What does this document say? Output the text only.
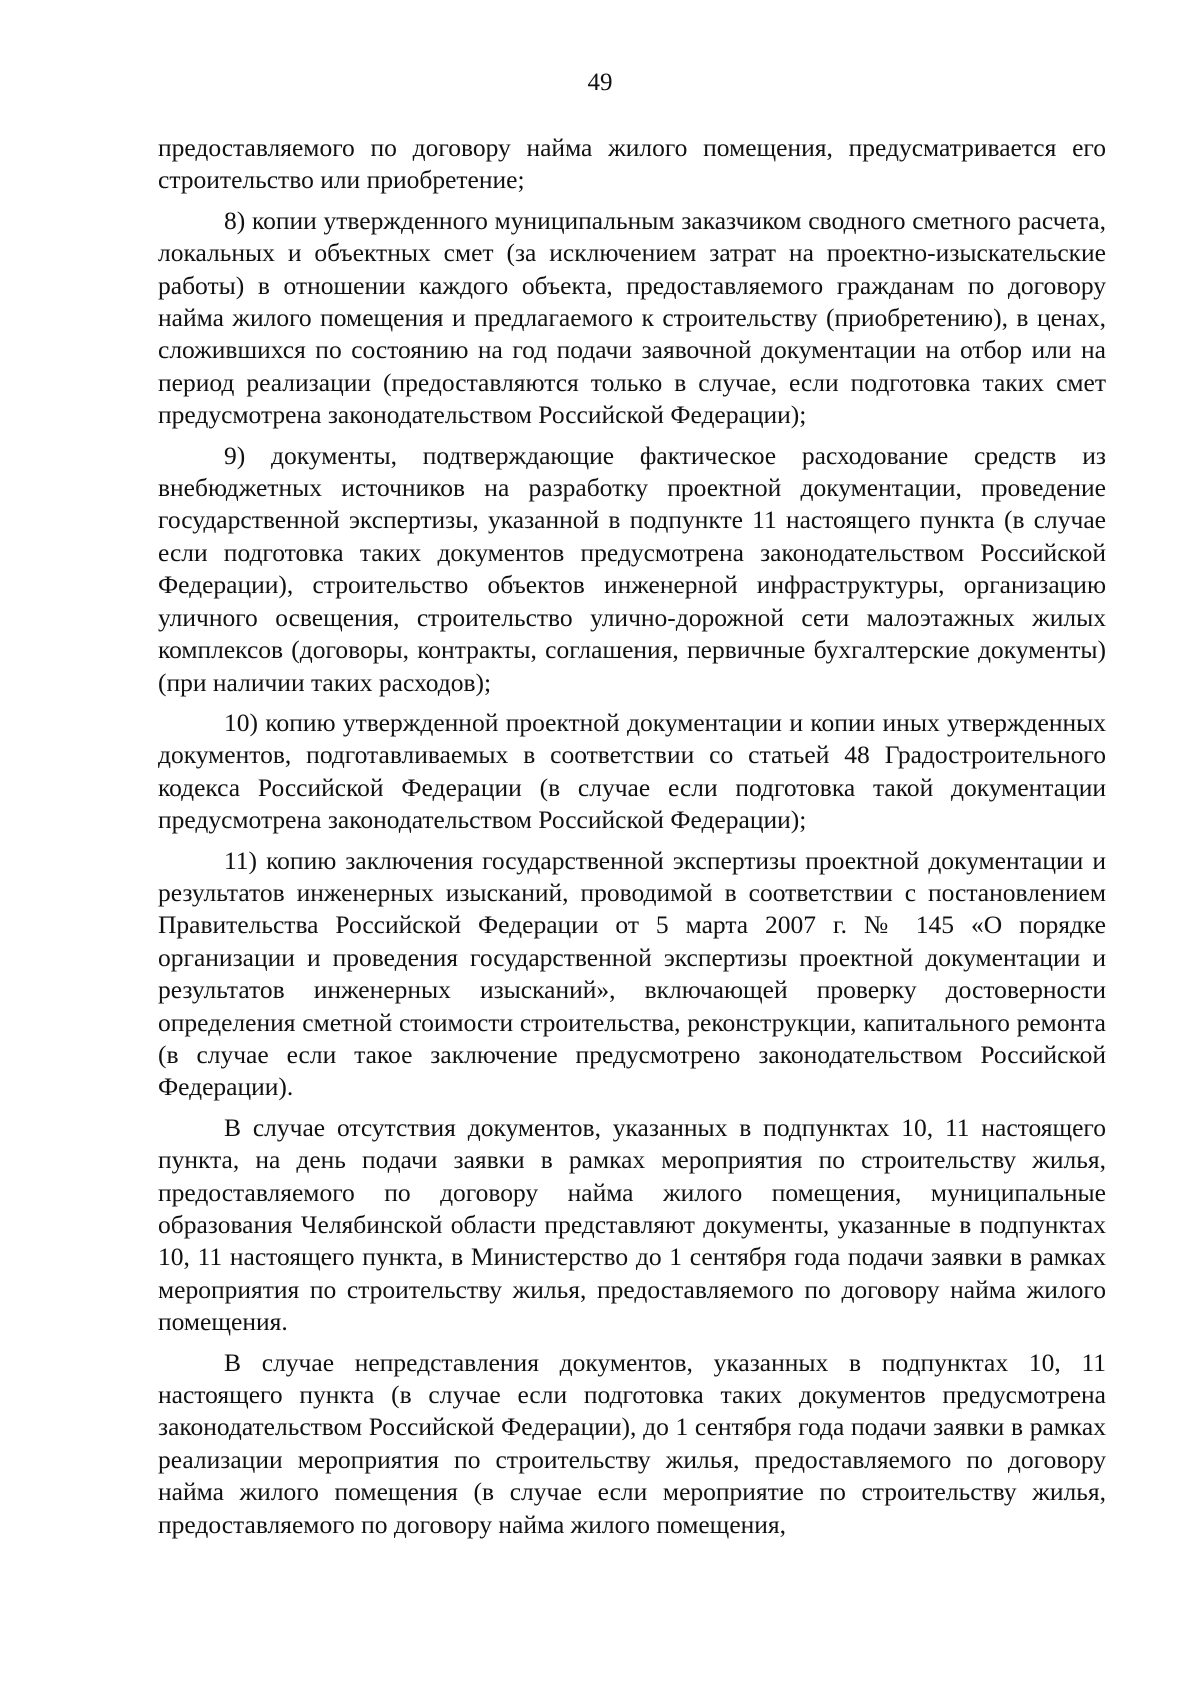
49

предоставляемого по договору найма жилого помещения, предусматривается его строительство или приобретение;

8) копии утвержденного муниципальным заказчиком сводного сметного расчета, локальных и объектных смет (за исключением затрат на проектно-изыскательские работы) в отношении каждого объекта, предоставляемого гражданам по договору найма жилого помещения и предлагаемого к строительству (приобретению), в ценах, сложившихся по состоянию на год подачи заявочной документации на отбор или на период реализации (предоставляются только в случае, если подготовка таких смет предусмотрена законодательством Российской Федерации);

9) документы, подтверждающие фактическое расходование средств из внебюджетных источников на разработку проектной документации, проведение государственной экспертизы, указанной в подпункте 11 настоящего пункта (в случае если подготовка таких документов предусмотрена законодательством Российской Федерации), строительство объектов инженерной инфраструктуры, организацию уличного освещения, строительство улично-дорожной сети малоэтажных жилых комплексов (договоры, контракты, соглашения, первичные бухгалтерские документы) (при наличии таких расходов);

10) копию утвержденной проектной документации и копии иных утвержденных документов, подготавливаемых в соответствии со статьей 48 Градостроительного кодекса Российской Федерации (в случае если подготовка такой документации предусмотрена законодательством Российской Федерации);

11) копию заключения государственной экспертизы проектной документации и результатов инженерных изысканий, проводимой в соответствии с постановлением Правительства Российской Федерации от 5 марта 2007 г. № 145 «О порядке организации и проведения государственной экспертизы проектной документации и результатов инженерных изысканий», включающей проверку достоверности определения сметной стоимости строительства, реконструкции, капитального ремонта (в случае если такое заключение предусмотрено законодательством Российской Федерации).

В случае отсутствия документов, указанных в подпунктах 10, 11 настоящего пункта, на день подачи заявки в рамках мероприятия по строительству жилья, предоставляемого по договору найма жилого помещения, муниципальные образования Челябинской области представляют документы, указанные в подпунктах 10, 11 настоящего пункта, в Министерство до 1 сентября года подачи заявки в рамках мероприятия по строительству жилья, предоставляемого по договору найма жилого помещения.

В случае непредставления документов, указанных в подпунктах 10, 11 настоящего пункта (в случае если подготовка таких документов предусмотрена законодательством Российской Федерации), до 1 сентября года подачи заявки в рамках реализации мероприятия по строительству жилья, предоставляемого по договору найма жилого помещения (в случае если мероприятие по строительству жилья, предоставляемого по договору найма жилого помещения,
